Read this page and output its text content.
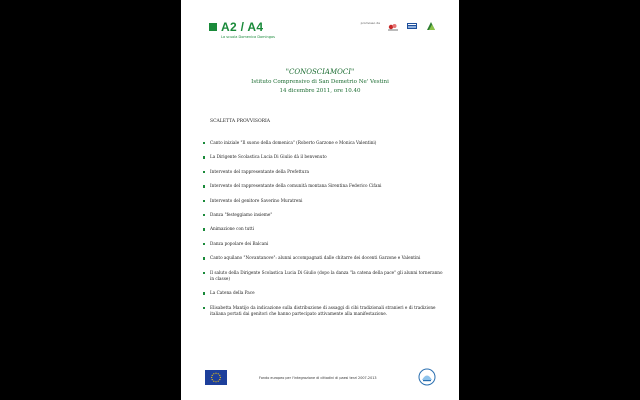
A2 / A4
La scuola Domenica Domingos
promosso da
"CONOSCIAMOCI"
Istituto Comprensivo di San Demetrio Ne' Vestini
14 dicembre 2011, ore 10.40
SCALETTA PROVVISORIA
Canto iniziale "Il suono della domenica" (Roberto Garzone e Monica Valentini)
La Dirigente Scolastica Lucia Di Giulio dà il benvenuto
Intervento del rappresentante della Prefettura
Intervento del rappresentante della comunità montana Sirentina Federico Cifani
Intervento del genitore Saverino Muratreni
Danza "festeggiamo insieme"
Animazione con tutti
Danza popolare dei Balcani
Canto aquilano "Novantanove": alunni accompagnati dalle chitarre dei docenti Garzone e Valentini
Il saluto della Dirigente Scolastica Lucia Di Giulio (dopo la danza "la catena della pace" gli alunni torneranno in classe)
La Catena della Pace
Elisabetta Mantijo da indicazione sulla distribuzione di assaggi di cibi tradizionali stranieri e di tradizione italiana portati dai genitori che hanno partecipato attivamente alla manifestazione.
Fondo europeo per l'integrazione di cittadini di paesi terzi 2007-2013
